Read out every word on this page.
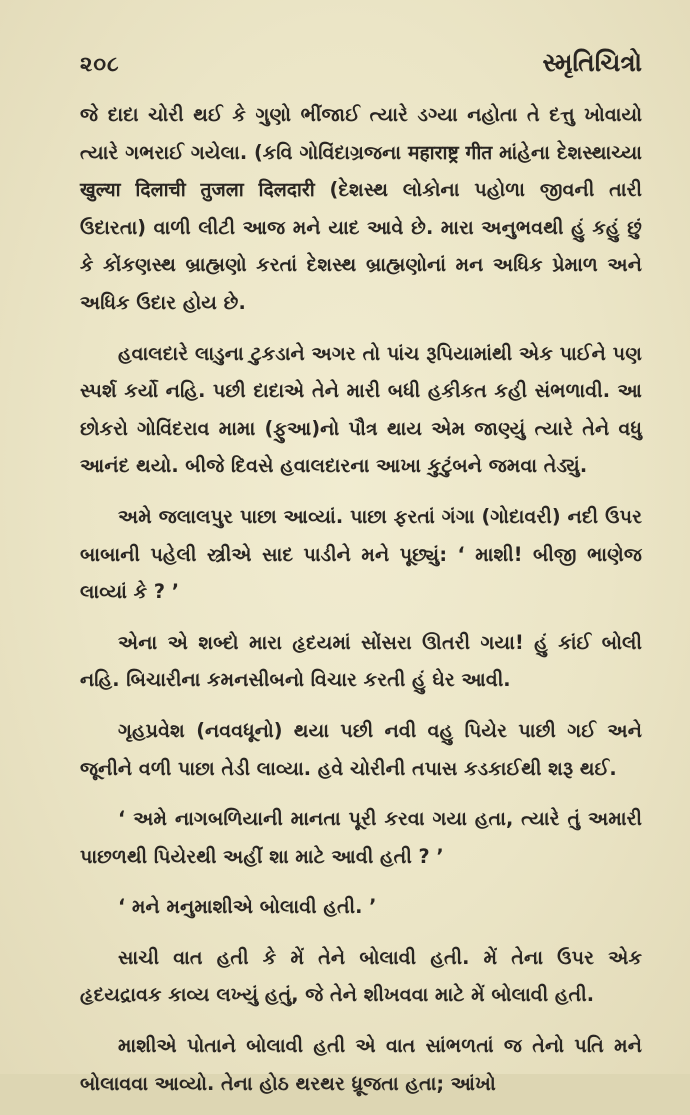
૨૦૮	સ્મૃતિચિત્રો

જે દાદા ચોરી થઈ કે ગુણો ભીંજાઈ ત્યારે ડગ્યા નહોતા તે દત્તુ ખોવાયો ત્યારે ગભરાઈ ગયેલા. (કવિ ગોવિંદાગ્રજના महाराष्ट्र गीत માંહેના દેશસ્થાચ્યા खुल्या दिलाची तुजला दिलदारी (દેશસ્થ લોકોના પહોળા જીવની તારી ઉદારતા) વાળી લીટી આજ મને યાદ આવે છે. મારા અનુભવથી હું કહું છું કે કોંકણસ્થ બ્રાહ્મણો કરતાં દેશસ્થ બ્રાહ્મણોનાં મન અધિક પ્રેમાળ અને અધિક ઉદાર હોય છે.

હવાલદારે લાડુના ટુકડાને અગર તો પાંચ રૂપિયામાંથી એક પાઈને પણ સ્પર્શ કર્યો નહિ. પછી દાદાએ તેને મારી બધી હકીકત કહી સંભળાવી. આ છોકરો ગોવિંદરાવ મામા (ફુઆ)નો પૌત્ર થાય એમ જાણ્યું ત્યારે તેને વધુ આનંદ થયો. બીજે દિવસે હવાલદારના આખા કુટુંબને જમવા તેડ્યું.

અમે જલાલપુર પાછા આવ્યાં. પાછા ફરતાં ગંગા (ગોદાવરી) નદી ઉપર બાબાની પહેલી સ્ત્રીએ સાદ પાડીને મને પૂછ્યું: ‘ માશી! બીજી ભાણેજ લાવ્યાં કે ? ’

એના એ શબ્દો મારા હૃદયમાં સોંસરા ઊતરી ગયા! હું કાંઈ બોલી નહિ. બિચારીના કમનસીબનો વિચાર કરતી હું ઘેર આવી.

ગૃહપ્રવેશ (નવવધૂનો) થયા પછી નવી વહુ પિયેર પાછી ગઈ અને જૂનીને વળી પાછા તેડી લાવ્યા. હવે ચોરીની તપાસ કડકાઈથી શરૂ થઈ.

‘ અમે નાગબળિયાની માનતા પૂરી કરવા ગયા હતા, ત્યારે તું અમારી પાછળથી પિયેરથી અહીં શા માટે આવી હતી ? ’

‘ મને મનુમાશીએ બોલાવી હતી. ’

સાચી વાત હતી કે મેં તેને બોલાવી હતી. મેં તેના ઉપર એક હૃદયદ્રાવક કાવ્ય લખ્યું હતું, જે તેને શીખવવા માટે મેં બોલાવી હતી.

માશીએ પોતાને બોલાવી હતી એ વાત સાંભળતાં જ તેનો પતિ મને બોલાવવા આવ્યો. તેના હોઠ થરથર ધ્રૂજતા હતા; આંખો
